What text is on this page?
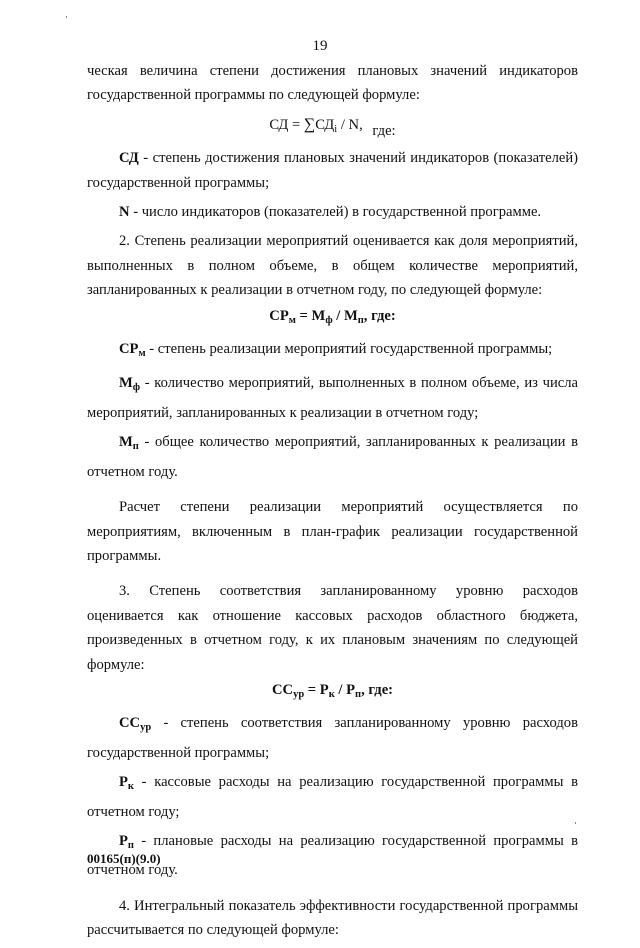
19

ческая величина степени достижения плановых значений индикаторов государственной программы по следующей формуле:

СД = $\sum СД_i$ / N, где:

СД - степень достижения плановых значений индикаторов (показателей) государственной программы;

N - число индикаторов (показателей) в государственной программе.

2. Степень реализации мероприятий оценивается как доля мероприятий, выполненных в полном объеме, в общем количестве мероприятий, запланированных к реализации в отчетном году, по следующей формуле:

$СР_м = М_ф / М_п$, где:

$СР_м$ - степень реализации мероприятий государственной программы;

$М_ф$ - количество мероприятий, выполненных в полном объеме, из числа мероприятий, запланированных к реализации в отчетном году;

$М_п$ - общее количество мероприятий, запланированных к реализации в отчетном году.

Расчет степени реализации мероприятий осуществляется по мероприятиям, включенным в план-график реализации государственной программы.

3. Степень соответствия запланированному уровню расходов оценивается как отношение кассовых расходов областного бюджета, произведенных в отчетном году, к их плановым значениям по следующей формуле:

$СС_{ур} = Р_к / Р_п$, где:

$СС_{ур}$ - степень соответствия запланированному уровню расходов государственной программы;

$Р_к$ - кассовые расходы на реализацию государственной программы в отчетном году;

$Р_п$ - плановые расходы на реализацию государственной программы в отчетном году.

4. Интегральный показатель эффективности государственной программы рассчитывается по следующей формуле:

00165(п)(9.0)
